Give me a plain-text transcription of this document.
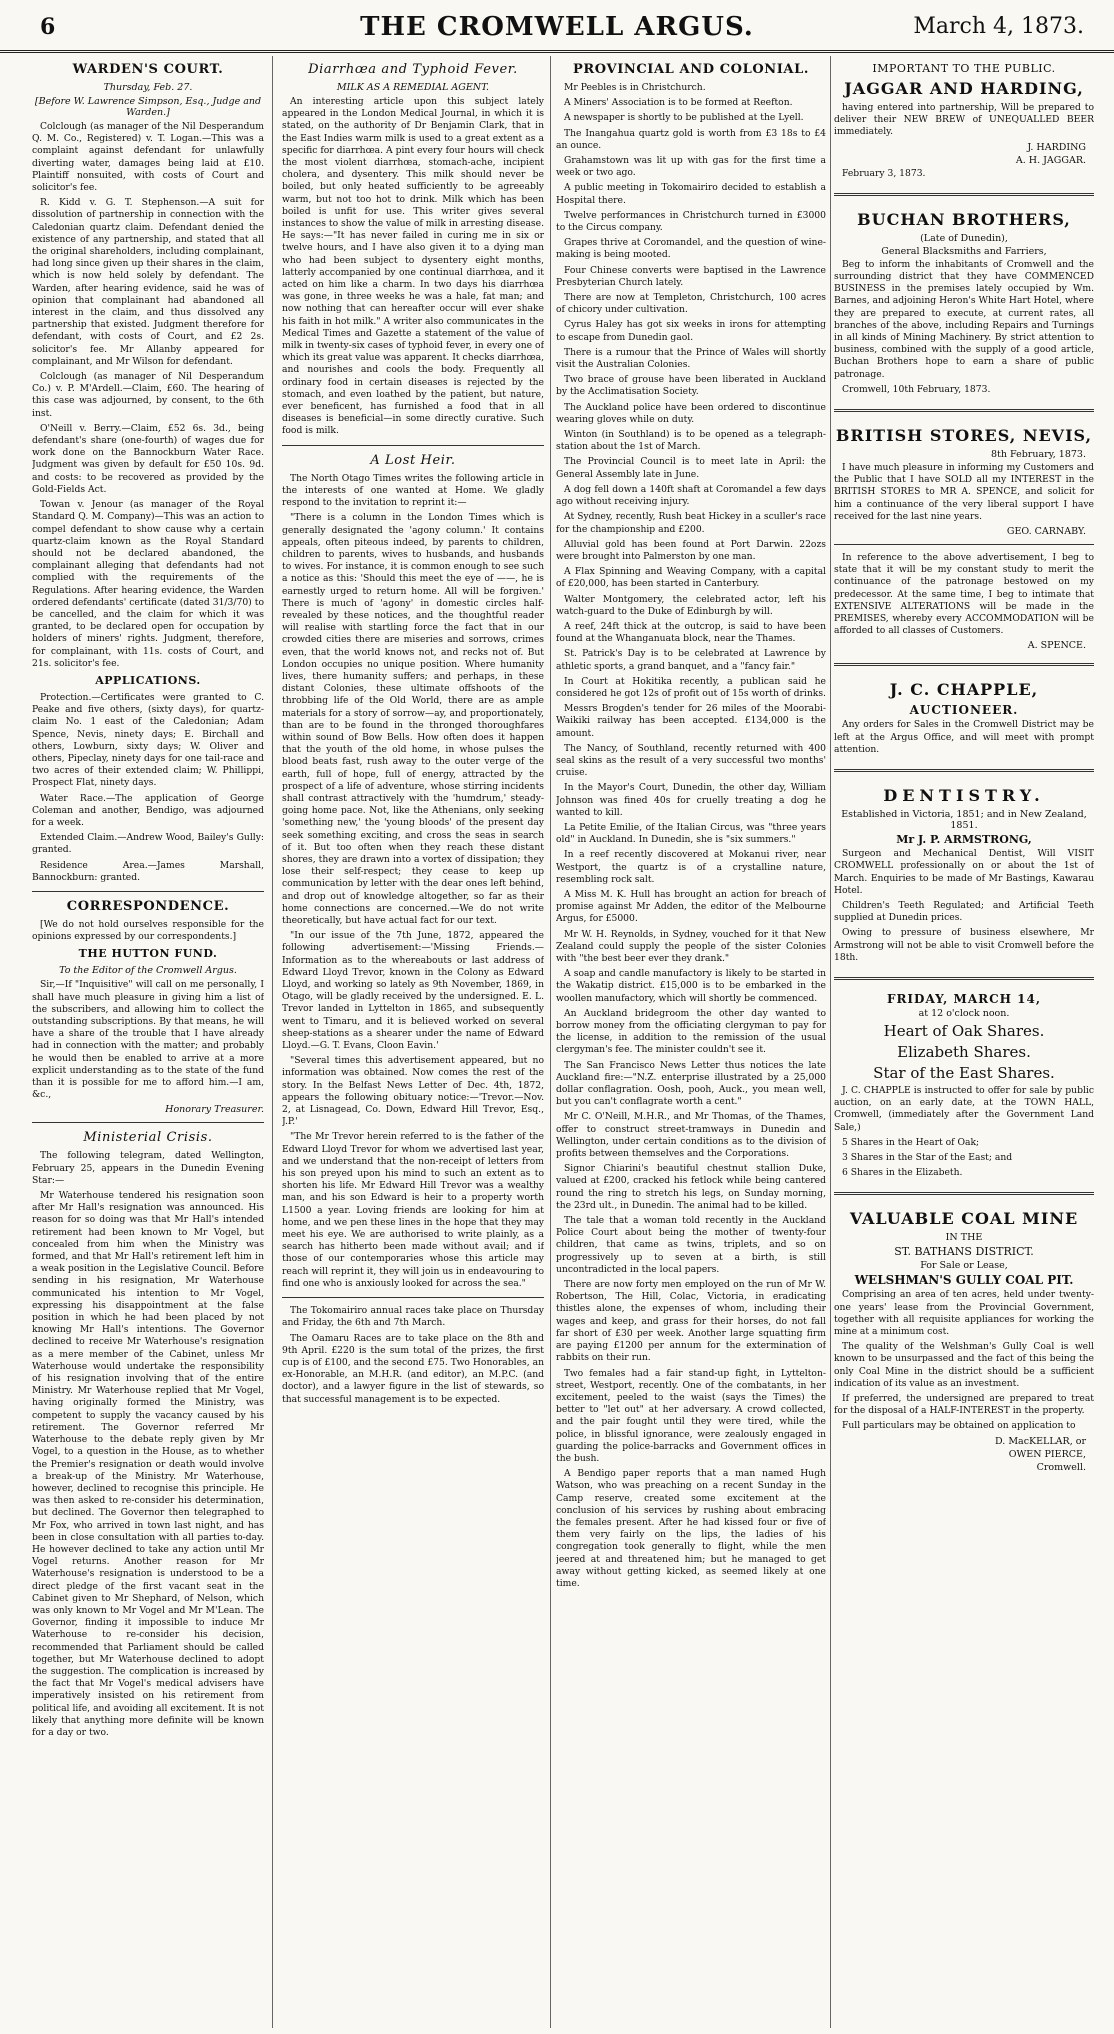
6	THE CROMWELL ARGUS.	March 4, 1873.
WARDEN'S COURT.
Thursday, Feb. 27.
[Before W. Lawrence Simpson, Esq., Judge and Warden.]

Colclough (as manager of the Nil Desperandum Q. M. Co., Registered) v. T. Logan.—This was a complaint against defendant for unlawfully diverting water, damages being laid at £10. Plaintiff nonsuited, with costs of Court and solicitor's fee.

R. Kidd v. G. T. Stephenson.—A suit for dissolution of partnership in connection with the Caledonian quartz claim. Defendant denied the existence of any partnership, and stated that all the original shareholders, including complainant, had long since given up their shares in the claim, which is now held solely by defendant. The Warden, after hearing evidence, said he was of opinion that complainant had abandoned all interest in the claim, and thus dissolved any partnership that existed. Judgment therefore for defendant, with costs of Court, and £2 2s. solicitor's fee. Mr Allanby appeared for complainant, and Mr Wilson for defendant.

Colclough (as manager of Nil Desperandum Co.) v. P. M'Ardell.—Claim, £60. The hearing of this case was adjourned, by consent, to the 6th inst.

O'Neill v. Berry.—Claim, £52 6s. 3d., being defendant's share (one-fourth) of wages due for work done on the Bannockburn Water Race. Judgment was given by default for £50 10s. 9d. and costs: to be recovered as provided by the Gold-Fields Act.

Towan v. Jenour (as manager of the Royal Standard Q. M. Company)—This was an action to compel defendant to show cause why a certain quartz-claim known as the Royal Standard should not be declared abandoned, the complainant alleging that defendants had not complied with the requirements of the Regulations. After hearing evidence, the Warden ordered defendants' certificate (dated 31/3/70) to be cancelled, and the claim for which it was granted, to be declared open for occupation by holders of miners' rights. Judgment, therefore, for complainant, with 11s. costs of Court, and 21s. solicitor's fee.

APPLICATIONS.

Protection.—Certificates were granted to C. Peake and five others, (sixty days), for quartz-claim No. 1 east of the Caledonian; Adam Spence, Nevis, ninety days; E. Birchall and others, Lowburn, sixty days; W. Oliver and others, Pipeclay, ninety days for one tail-race and two acres of their extended claim; W. Phillippi, Prospect Flat, ninety days.

Water Race.—The application of George Coleman and another, Bendigo, was adjourned for a week.

Extended Claim.—Andrew Wood, Bailey's Gully: granted.

Residence Area.—James Marshall, Bannockburn: granted.

CORRESPONDENCE.

[We do not hold ourselves responsible for the opinions expressed by our correspondents.]

THE HUTTON FUND.
To the Editor of the Cromwell Argus.

Sir,—If "Inquisitive" will call on me personally, I shall have much pleasure in giving him a list of the subscribers, and allowing him to collect the outstanding subscriptions. By that means, he will have a share of the trouble that I have already had in connection with the matter; and probably he would then be enabled to arrive at a more explicit understanding as to the state of the fund than it is possible for me to afford him.—I am, &c.,

Honorary Treasurer.
Ministerial Crisis.

The following telegram, dated Wellington, February 25, appears in the Dunedin Evening Star:—

Mr Waterhouse tendered his resignation soon after Mr Hall's resignation was announced. His reason for so doing was that Mr Hall's intended retirement had been known to Mr Vogel, but concealed from him when the Ministry was formed, and that Mr Hall's retirement left him in a weak position in the Legislative Council. Before sending in his resignation, Mr Waterhouse communicated his intention to Mr Vogel, expressing his disappointment at the false position in which he had been placed by not knowing Mr Hall's intentions. The Governor declined to receive Mr Waterhouse's resignation as a mere member of the Cabinet, unless Mr Waterhouse would undertake the responsibility of his resignation involving that of the entire Ministry. Mr Waterhouse replied that Mr Vogel, having originally formed the Ministry, was competent to supply the vacancy caused by his retirement. The Governor referred Mr Waterhouse to the debate reply given by Mr Vogel, to a question in the House, as to whether the Premier's resignation or death would involve a break-up of the Ministry. Mr Waterhouse, however, declined to recognise this principle. He was then asked to re-consider his determination, but declined. The Governor then telegraphed to Mr Fox, who arrived in town last night, and has been in close consultation with all parties to-day. He however declined to take any action until Mr Vogel returns. Another reason for Mr Waterhouse's resignation is understood to be a direct pledge of the first vacant seat in the Cabinet given to Mr Shephard, of Nelson, which was only known to Mr Vogel and Mr M'Lean. The Governor, finding it impossible to induce Mr Waterhouse to re-consider his decision, recommended that Parliament should be called together, but Mr Waterhouse declined to adopt the suggestion. The complication is increased by the fact that Mr Vogel's medical advisers have imperatively insisted on his retirement from political life, and avoiding all excitement. It is not likely that anything more definite will be known for a day or two.

Diarrhœa and Typhoid Fever.
MILK AS A REMEDIAL AGENT.

An interesting article upon this subject lately appeared in the London Medical Journal, in which it is stated, on the authority of Dr Benjamin Clark, that in the East Indies warm milk is used to a great extent as a specific for diarrhœa. A pint every four hours will check the most violent diarrhœa, stomach-ache, incipient cholera, and dysentery. This milk should never be boiled, but only heated sufficiently to be agreeably warm, but not too hot to drink. Milk which has been boiled is unfit for use. This writer gives several instances to show the value of milk in arresting disease. He says:—"It has never failed in curing me in six or twelve hours, and I have also given it to a dying man who had been subject to dysentery eight months, latterly accompanied by one continual diarrhœa, and it acted on him like a charm. In two days his diarrhœa was gone, in three weeks he was a hale, fat man; and now nothing that can hereafter occur will ever shake his faith in hot milk." A writer also communicates in the Medical Times and Gazette a statement of the value of milk in twenty-six cases of typhoid fever, in every one of which its great value was apparent. It checks diarrhœa, and nourishes and cools the body. Frequently all ordinary food in certain diseases is rejected by the stomach, and even loathed by the patient, but nature, ever beneficent, has furnished a food that in all diseases is beneficial—in some directly curative. Such food is milk.

A Lost Heir.

The North Otago Times writes the following article in the interests of one wanted at Home. We gladly respond to the invitation to reprint it:—

"There is a column in the London Times which is generally designated the 'agony column.' It contains appeals, often piteous indeed, by parents to children, children to parents, wives to husbands, and husbands to wives. For instance, it is common enough to see such a notice as this: 'Should this meet the eye of ——, he is earnestly urged to return home. All will be forgiven.' There is much of 'agony' in domestic circles half-revealed by these notices, and the thoughtful reader will realise with startling force the fact that in our crowded cities there are miseries and sorrows, crimes even, that the world knows not, and recks not of. But London occupies no unique position. Where humanity lives, there humanity suffers; and perhaps, in these distant Colonies, these ultimate offshoots of the throbbing life of the Old World, there are as ample materials for a story of sorrow—ay, and proportionately, than are to be found in the thronged thoroughfares within sound of Bow Bells. How often does it happen that the youth of the old home, in whose pulses the blood beats fast, rush away to the outer verge of the earth, full of hope, full of energy, attracted by the prospect of a life of adventure, whose stirring incidents shall contrast attractively with the 'humdrum,' steady-going home pace. Not, like the Athenians, only seeking 'something new,' the 'young bloods' of the present day seek something exciting, and cross the seas in search of it. But too often when they reach these distant shores, they are drawn into a vortex of dissipation; they lose their self-respect; they cease to keep up communication by letter with the dear ones left behind, and drop out of knowledge altogether, so far as their home connections are concerned.—We do not write theoretically, but have actual fact for our text.

"In our issue of the 7th June, 1872, appeared the following advertisement:—'Missing Friends.—Information as to the whereabouts or last address of Edward Lloyd Trevor, known in the Colony as Edward Lloyd, and working so lately as 9th November, 1869, in Otago, will be gladly received by the undersigned. E. L. Trevor landed in Lyttelton in 1865, and subsequently went to Timaru, and it is believed worked on several sheep-stations as a shearer under the name of Edward Lloyd.—G. T. Evans, Cloon Eavin.'

"Several times this advertisement appeared, but no information was obtained. Now comes the rest of the story. In the Belfast News Letter of Dec. 4th, 1872, appears the following obituary notice:—'Trevor.—Nov. 2, at Lisnagead, Co. Down, Edward Hill Trevor, Esq., J.P.'

"The Mr Trevor herein referred to is the father of the Edward Lloyd Trevor for whom we advertised last year, and we understand that the non-receipt of letters from his son preyed upon his mind to such an extent as to shorten his life. Mr Edward Hill Trevor was a wealthy man, and his son Edward is heir to a property worth L1500 a year. Loving friends are looking for him at home, and we pen these lines in the hope that they may meet his eye. We are authorised to write plainly, as a search has hitherto been made without avail; and if those of our contemporaries whose this article may reach will reprint it, they will join us in endeavouring to find one who is anxiously looked for across the sea."

The Tokomairiro annual races take place on Thursday and Friday, the 6th and 7th March.

The Oamaru Races are to take place on the 8th and 9th April. £220 is the sum total of the prizes, the first cup is of £100, and the second £75. Two Honorables, an ex-Honorable, an M.H.R. (and editor), an M.P.C. (and doctor), and a lawyer figure in the list of stewards, so that successful management is to be expected.

PROVINCIAL AND COLONIAL.

Mr Peebles is in Christchurch.

A Miners' Association is to be formed at Reefton.

A newspaper is shortly to be published at the Lyell.

The Inangahua quartz gold is worth from £3 18s to £4 an ounce.

Grahamstown was lit up with gas for the first time a week or two ago.

A public meeting in Tokomairiro decided to establish a Hospital there.

Twelve performances in Christchurch turned in £3000 to the Circus company.

Grapes thrive at Coromandel, and the question of wine-making is being mooted.

Four Chinese converts were baptised in the Lawrence Presbyterian Church lately.

There are now at Templeton, Christchurch, 100 acres of chicory under cultivation.

Cyrus Haley has got six weeks in irons for attempting to escape from Dunedin gaol.

There is a rumour that the Prince of Wales will shortly visit the Australian Colonies.

Two brace of grouse have been liberated in Auckland by the Acclimatisation Society.

The Auckland police have been ordered to discontinue wearing gloves while on duty.

Winton (in Southland) is to be opened as a telegraph-station about the 1st of March.

The Provincial Council is to meet late in April: the General Assembly late in June.

A dog fell down a 140ft shaft at Coromandel a few days ago without receiving injury.

At Sydney, recently, Rush beat Hickey in a sculler's race for the championship and £200.

Alluvial gold has been found at Port Darwin. 22ozs were brought into Palmerston by one man.

A Flax Spinning and Weaving Company, with a capital of £20,000, has been started in Canterbury.

Walter Montgomery, the celebrated actor, left his watch-guard to the Duke of Edinburgh by will.

A reef, 24ft thick at the outcrop, is said to have been found at the Whanganuata block, near the Thames.

St. Patrick's Day is to be celebrated at Lawrence by athletic sports, a grand banquet, and a "fancy fair."

In Court at Hokitika recently, a publican said he considered he got 12s of profit out of 15s worth of drinks.

Messrs Brogden's tender for 26 miles of the Moorabi-Waikiki railway has been accepted. £134,000 is the amount.

The Nancy, of Southland, recently returned with 400 seal skins as the result of a very successful two months' cruise.

In the Mayor's Court, Dunedin, the other day, William Johnson was fined 40s for cruelly treating a dog he wanted to kill.

La Petite Emilie, of the Italian Circus, was "three years old" in Auckland. In Dunedin, she is "six summers."

In a reef recently discovered at Mokanui river, near Westport, the quartz is of a crystalline nature, resembling rock salt.

A Miss M. K. Hull has brought an action for breach of promise against Mr Adden, the editor of the Melbourne Argus, for £5000.

Mr W. H. Reynolds, in Sydney, vouched for it that New Zealand could supply the people of the sister Colonies with "the best beer ever they drank."

A soap and candle manufactory is likely to be started in the Wakatip district. £15,000 is to be embarked in the woollen manufactory, which will shortly be commenced.

An Auckland bridegroom the other day wanted to borrow money from the officiating clergyman to pay for the license, in addition to the remission of the usual clergyman's fee. The minister couldn't see it.

The San Francisco News Letter thus notices the late Auckland fire:—"N.Z. enterprise illustrated by a 25,000 dollar conflagration. Oosh, pooh, Auck., you mean well, but you can't conflagrate worth a cent."

Mr C. O'Neill, M.H.R., and Mr Thomas, of the Thames, offer to construct street-tramways in Dunedin and Wellington, under certain conditions as to the division of profits between themselves and the Corporations.

Signor Chiarini's beautiful chestnut stallion Duke, valued at £200, cracked his fetlock while being cantered round the ring to stretch his legs, on Sunday morning, the 23rd ult., in Dunedin. The animal had to be killed.

The tale that a woman told recently in the Auckland Police Court about being the mother of twenty-four children, that came as twins, triplets, and so on progressively up to seven at a birth, is still uncontradicted in the local papers.

There are now forty men employed on the run of Mr W. Robertson, The Hill, Colac, Victoria, in eradicating thistles alone, the expenses of whom, including their wages and keep, and grass for their horses, do not fall far short of £30 per week. Another large squatting firm are paying £1200 per annum for the extermination of rabbits on their run.

Two females had a fair stand-up fight, in Lyttelton-street, Westport, recently. One of the combatants, in her excitement, peeled to the waist (says the Times) the better to "let out" at her adversary. A crowd collected, and the pair fought until they were tired, while the police, in blissful ignorance, were zealously engaged in guarding the police-barracks and Government offices in the bush.

A Bendigo paper reports that a man named Hugh Watson, who was preaching on a recent Sunday in the Camp reserve, created some excitement at the conclusion of his services by rushing about embracing the females present. After he had kissed four or five of them very fairly on the lips, the ladies of his congregation took generally to flight, while the men jeered at and threatened him; but he managed to get away without getting kicked, as seemed likely at one time.

IMPORTANT TO THE PUBLIC.
JAGGAR AND HARDING,

having entered into partnership, Will be prepared to deliver their NEW BREW of UNEQUALLED BEER immediately.

J. HARDING
A. H. JAGGAR.

February 3, 1873.

BUCHAN BROTHERS,
(Late of Dunedin),
General Blacksmiths and Farriers,

Beg to inform the inhabitants of Cromwell and the surrounding district that they have COMMENCED BUSINESS in the premises lately occupied by Wm. Barnes, and adjoining Heron's White Hart Hotel, where they are prepared to execute, at current rates, all branches of the above, including Repairs and Turnings in all kinds of Mining Machinery. By strict attention to business, combined with the supply of a good article, Buchan Brothers hope to earn a share of public patronage.

Cromwell, 10th February, 1873.

BRITISH STORES, NEVIS,
8th February, 1873.

I have much pleasure in informing my Customers and the Public that I have SOLD all my INTEREST in the BRITISH STORES to MR A. SPENCE, and solicit for him a continuance of the very liberal support I have received for the last nine years.

GEO. CARNABY.

In reference to the above advertisement, I beg to state that it will be my constant study to merit the continuance of the patronage bestowed on my predecessor. At the same time, I beg to intimate that EXTENSIVE ALTERATIONS will be made in the PREMISES, whereby every ACCOMMODATION will be afforded to all classes of Customers.

A. SPENCE.
J. C. CHAPPLE,
AUCTIONEER.

Any orders for Sales in the Cromwell District may be left at the Argus Office, and will meet with prompt attention.

DENTISTRY.
Established in Victoria, 1851; and in New Zealand, 1851.
Mr J. P. ARMSTRONG,

Surgeon and Mechanical Dentist, Will VISIT CROMWELL professionally on or about the 1st of March. Enquiries to be made of Mr Bastings, Kawarau Hotel.

Children's Teeth Regulated; and Artificial Teeth supplied at Dunedin prices.

Owing to pressure of business elsewhere, Mr Armstrong will not be able to visit Cromwell before the 18th.

FRIDAY, MARCH 14,
at 12 o'clock noon.
Heart of Oak Shares.
Elizabeth Shares.
Star of the East Shares.

J. C. CHAPPLE is instructed to offer for sale by public auction, on an early date, at the TOWN HALL, Cromwell, (immediately after the Government Land Sale,)

5 Shares in the Heart of Oak;

3 Shares in the Star of the East; and

6 Shares in the Elizabeth.

VALUABLE COAL MINE
IN THE
ST. BATHANS DISTRICT.
For Sale or Lease,
WELSHMAN'S GULLY COAL PIT.

Comprising an area of ten acres, held under twenty-one years' lease from the Provincial Government, together with all requisite appliances for working the mine at a minimum cost.

The quality of the Welshman's Gully Coal is well known to be unsurpassed and the fact of this being the only Coal Mine in the district should be a sufficient indication of its value as an investment.

If preferred, the undersigned are prepared to treat for the disposal of a HALF-INTEREST in the property.

Full particulars may be obtained on application to

D. MacKELLAR, or
OWEN PIERCE,
Cromwell.
